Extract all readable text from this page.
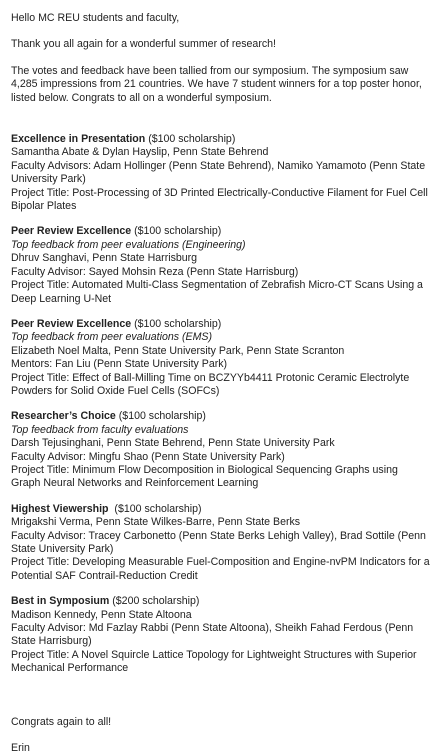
Hello MC REU students and faculty,

Thank you all again for a wonderful summer of research!

The votes and feedback have been tallied from our symposium. The symposium saw 4,285 impressions from 21 countries. We have 7 student winners for a top poster honor, listed below. Congrats to all on a wonderful symposium.

Excellence in Presentation ($100 scholarship)

Samantha Abate & Dylan Hayslip, Penn State Behrend

Faculty Advisors: Adam Hollinger (Penn State Behrend), Namiko Yamamoto (Penn State University Park)

Project Title: Post-Processing of 3D Printed Electrically-Conductive Filament for Fuel Cell Bipolar Plates

Peer Review Excellence ($100 scholarship)

Top feedback from peer evaluations (Engineering)

Dhruv Sanghavi, Penn State Harrisburg

Faculty Advisor: Sayed Mohsin Reza (Penn State Harrisburg)

Project Title: Automated Multi-Class Segmentation of Zebrafish Micro-CT Scans Using a Deep Learning U-Net

Peer Review Excellence ($100 scholarship)

Top feedback from peer evaluations (EMS)

Elizabeth Noel Malta, Penn State University Park, Penn State Scranton

Mentors: Fan Liu (Penn State University Park)

Project Title: Effect of Ball-Milling Time on BCZYYb4411 Protonic Ceramic Electrolyte Powders for Solid Oxide Fuel Cells (SOFCs)

Researcher’s Choice ($100 scholarship)

Top feedback from faculty evaluations

Darsh Tejusinghani, Penn State Behrend, Penn State University Park

Faculty Advisor: Mingfu Shao (Penn State University Park)

Project Title: Minimum Flow Decomposition in Biological Sequencing Graphs using Graph Neural Networks and Reinforcement Learning

Highest Viewership  ($100 scholarship)

Mrigakshi Verma, Penn State Wilkes-Barre, Penn State Berks

Faculty Advisor: Tracey Carbonetto (Penn State Berks Lehigh Valley), Brad Sottile (Penn State University Park)

Project Title: Developing Measurable Fuel-Composition and Engine-nvPM Indicators for a Potential SAF Contrail-Reduction Credit

Best in Symposium ($200 scholarship)

Madison Kennedy, Penn State Altoona

Faculty Advisor: Md Fazlay Rabbi (Penn State Altoona), Sheikh Fahad Ferdous (Penn State Harrisburg)

Project Title: A Novel Squircle Lattice Topology for Lightweight Structures with Superior Mechanical Performance

Congrats again to all!

Erin
